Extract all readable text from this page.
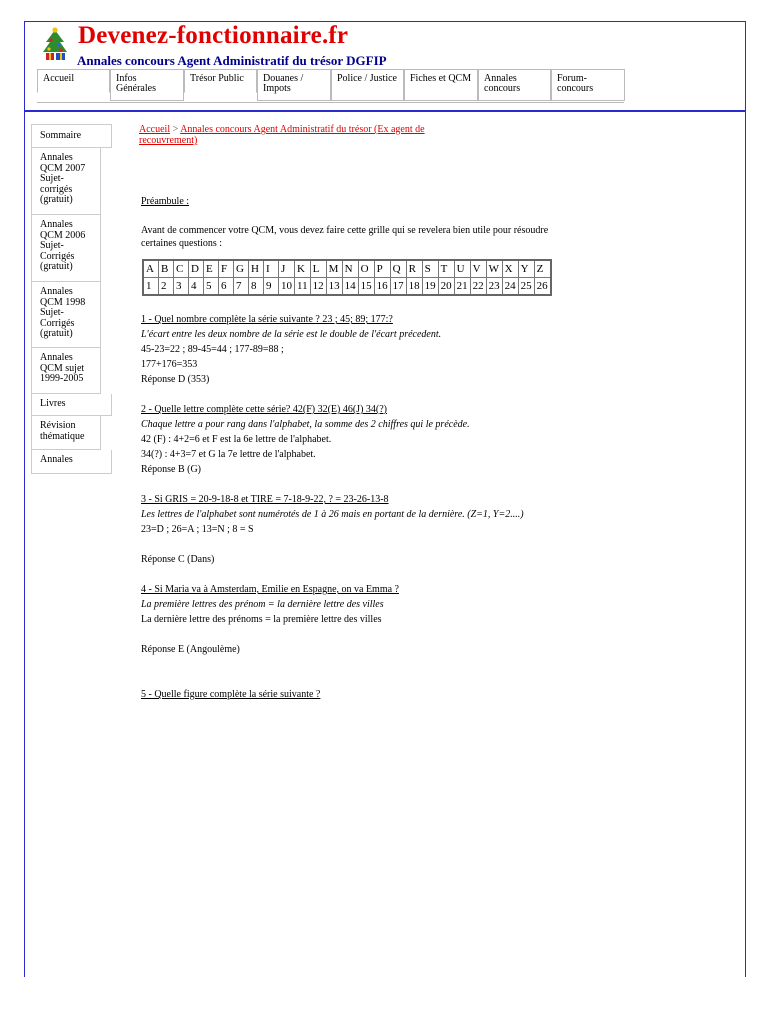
Devenez-fonctionnaire.fr
Annales concours Agent Administratif du trésor DGFIP
Accueil	Infos Générales
Trésor Public	Douanes / Impots
Police / Justice	Fiches et QCM	Annales concours
Forum-concours
Sommaire
Annales QCM 2007 Sujet-corrigés (gratuit)
Annales QCM 2006 Sujet-Corrigés (gratuit)
Annales QCM 1998 Sujet-Corrigés (gratuit)
Annales QCM sujet 1999-2005
Livres
Révision thématique
Annales
Accueil > Annales concours Agent Administratif du trésor (Ex agent de recouvrement)

Préambule :

Avant de commencer votre QCM, vous devez faire cette grille qui se revelera bien utile pour résoudre certaines questions :

A	B	C	D	E	F	G	H	I	J	K	L	M	N	O	P	Q	R	S	T	U	V	W	X	Y	Z
1	2	3	4	5	6	7	8	9	10	11	12	13	14	15	16	17	18	19	20	21	22	23	24	25	26

1 - Quel nombre complète la série suivante ? 23 ; 45; 89; 177:?

L'écart entre les deux nombre de la série est le double de l'écart précedent.

45-23=22 ; 89-45=44 ; 177-89=88 ;

177+176=353

Réponse D (353)

2 - Quelle lettre complète cette série? 42(F) 32(E) 46(J) 34(?)

Chaque lettre a pour rang dans l'alphabet, la somme des 2 chiffres qui le précède.

42 (F) : 4+2=6 et F est la 6e lettre de l'alphabet.

34(?) : 4+3=7 et G la 7e lettre de l'alphabet.

Réponse B (G)

3 - Si GRIS = 20-9-18-8 et TIRE = 7-18-9-22, ? = 23-26-13-8

Les lettres de l'alphabet sont numérotés de 1 à 26 mais en portant de la dernière. (Z=1, Y=2....)

23=D ; 26=A ; 13=N ; 8 = S

Réponse C (Dans)

4 - Si Maria va à Amsterdam, Emilie en Espagne, on va Emma ?

La première lettres des prénom = la dernière lettre des villes

La dernière lettre des prénoms = la première lettre des villes

Réponse E (Angoulème)

5 - Quelle figure complète la série suivante ?
